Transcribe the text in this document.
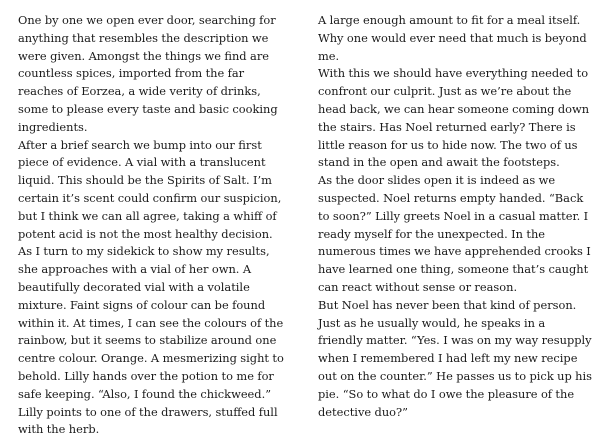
One by one we open ever door, searching for anything that resembles the description we were given. Amongst the things we find are countless spices, imported from the far reaches of Eorzea, a wide verity of drinks, some to please every taste and basic cooking ingredients.

After a brief search we bump into our first piece of evidence. A vial with a translucent liquid. This should be the Spirits of Salt. I’m certain it’s scent could confirm our suspicion, but I think we can all agree, taking a whiff of potent acid is not the most healthy decision.

As I turn to my sidekick to show my results, she approaches with a vial of her own. A beautifully decorated vial with a volatile mixture. Faint signs of colour can be found within it. At times, I can see the colours of the rainbow, but it seems to stabilize around one centre colour. Orange. A mesmerizing sight to behold. Lilly hands over the potion to me for safe keeping. “Also, I found the chickweed.” Lilly points to one of the drawers, stuffed full with the herb.

A large enough amount to fit for a meal itself. Why one would ever need that much is beyond me.

With this we should have everything needed to confront our culprit. Just as we’re about the head back, we can hear someone coming down the stairs. Has Noel returned early? There is little reason for us to hide now. The two of us stand in the open and await the footsteps.

As the door slides open it is indeed as we suspected. Noel returns empty handed. “Back to soon?” Lilly greets Noel in a casual matter. I ready myself for the unexpected. In the numerous times we have apprehended crooks I have learned one thing, someone that’s caught can react without sense or reason.

But Noel has never been that kind of person. Just as he usually would, he speaks in a friendly matter. “Yes. I was on my way resupply when I remembered I had left my new recipe out on the counter.” He passes us to pick up his pie. “So to what do I owe the pleasure of the detective duo?”
